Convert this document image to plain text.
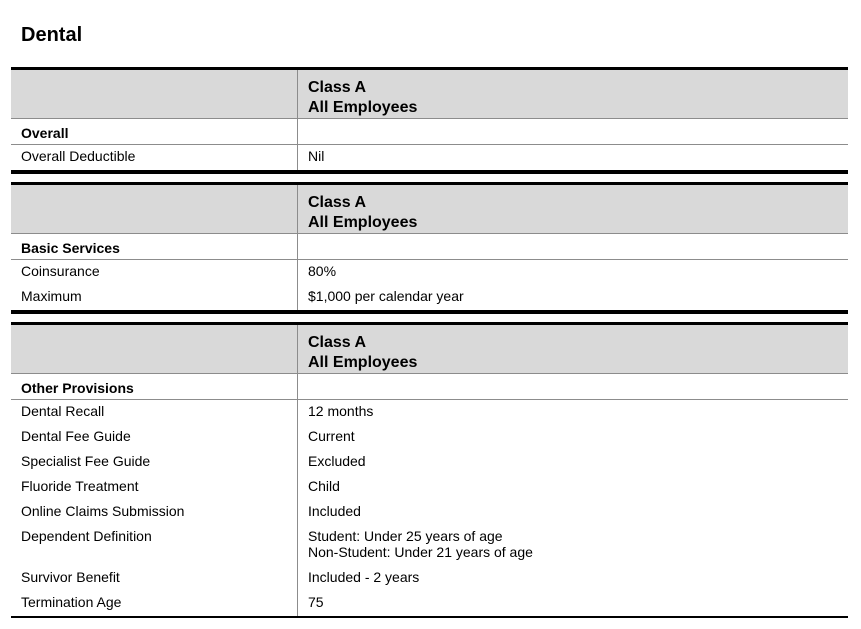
Dental
Class A
All Employees
Overall
Overall Deductible	Nil
Class A
All Employees
Basic Services
Coinsurance	80%
Maximum	$1,000 per calendar year
Class A
All Employees
Other Provisions
Dental Recall	12 months
Dental Fee Guide	Current
Specialist Fee Guide	Excluded
Fluoride Treatment	Child
Online Claims Submission	Included
Dependent Definition	Student: Under 25 years of age
Non-Student: Under 21 years of age
Survivor Benefit	Included - 2 years
Termination Age	75
